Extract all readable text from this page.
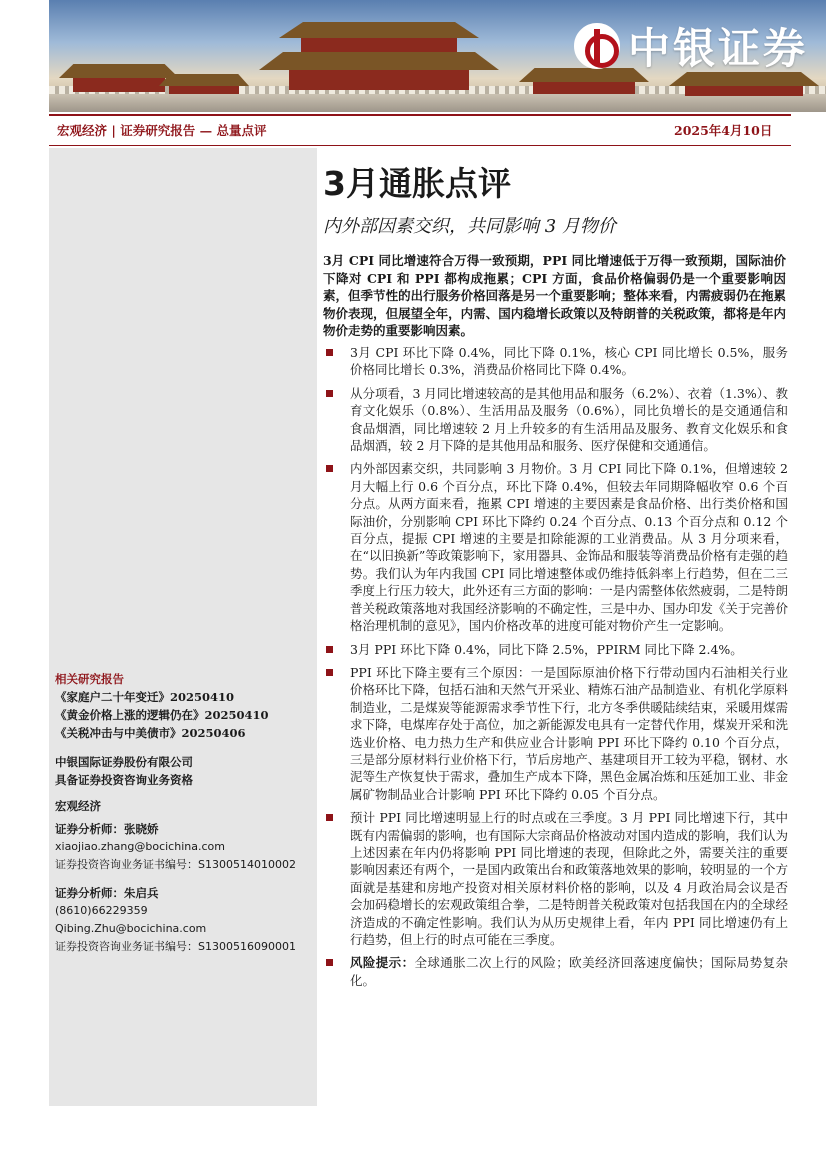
中银证券
宏观经济 | 证券研究报告 — 总量点评	2025年4月10日
相关研究报告
《家庭户二十年变迁》20250410
《黄金价格上涨的逻辑仍在》20250410
《关税冲击与中美债市》20250406
中银国际证券股份有限公司
具备证券投资咨询业务资格
宏观经济
证券分析师：张晓娇
xiaojiao.zhang@bocichina.com
证券投资咨询业务证书编号：S1300514010002
证券分析师：朱启兵
(8610)66229359
Qibing.Zhu@bocichina.com
证券投资咨询业务证书编号：S1300516090001
3月通胀点评
内外部因素交织，共同影响 3 月物价
3月 CPI 同比增速符合万得一致预期，PPI 同比增速低于万得一致预期，国际油价下降对 CPI 和 PPI 都构成拖累；CPI 方面，食品价格偏弱仍是一个重要影响因素，但季节性的出行服务价格回落是另一个重要影响；整体来看，内需疲弱仍在拖累物价表现，但展望全年，内需、国内稳增长政策以及特朗普的关税政策，都将是年内物价走势的重要影响因素。
3月 CPI 环比下降 0.4%，同比下降 0.1%，核心 CPI 同比增长 0.5%，服务价格同比增长 0.3%，消费品价格同比下降 0.4%。
从分项看，3 月同比增速较高的是其他用品和服务（6.2%）、衣着（1.3%）、教育文化娱乐（0.8%）、生活用品及服务（0.6%），同比负增长的是交通通信和食品烟酒，同比增速较 2 月上升较多的有生活用品及服务、教育文化娱乐和食品烟酒，较 2 月下降的是其他用品和服务、医疗保健和交通通信。
内外部因素交织，共同影响 3 月物价。3 月 CPI 同比下降 0.1%，但增速较 2 月大幅上行 0.6 个百分点，环比下降 0.4%，但较去年同期降幅收窄 0.6 个百分点。从两方面来看，拖累 CPI 增速的主要因素是食品价格、出行类价格和国际油价，分别影响 CPI 环比下降约 0.24 个百分点、0.13 个百分点和 0.12 个百分点，提振 CPI 增速的主要是扣除能源的工业消费品。从 3 月分项来看，在“以旧换新”等政策影响下，家用器具、金饰品和服装等消费品价格有走强的趋势。我们认为年内我国 CPI 同比增速整体或仍维持低斜率上行趋势，但在二三季度上行压力较大，此外还有三方面的影响：一是内需整体依然疲弱，二是特朗普关税政策落地对我国经济影响的不确定性，三是中办、国办印发《关于完善价格治理机制的意见》，国内价格改革的进度可能对物价产生一定影响。
3月 PPI 环比下降 0.4%，同比下降 2.5%，PPIRM 同比下降 2.4%。
PPI 环比下降主要有三个原因：一是国际原油价格下行带动国内石油相关行业价格环比下降，包括石油和天然气开采业、精炼石油产品制造业、有机化学原料制造业，二是煤炭等能源需求季节性下行，北方冬季供暖陆续结束，采暖用煤需求下降，电煤库存处于高位，加之新能源发电具有一定替代作用，煤炭开采和洗选业价格、电力热力生产和供应业合计影响 PPI 环比下降约 0.10 个百分点，三是部分原材料行业价格下行，节后房地产、基建项目开工较为平稳，钢材、水泥等生产恢复快于需求，叠加生产成本下降，黑色金属冶炼和压延加工业、非金属矿物制品业合计影响 PPI 环比下降约 0.05 个百分点。
预计 PPI 同比增速明显上行的时点或在三季度。3 月 PPI 同比增速下行，其中既有内需偏弱的影响，也有国际大宗商品价格波动对国内造成的影响，我们认为上述因素在年内仍将影响 PPI 同比增速的表现，但除此之外，需要关注的重要影响因素还有两个，一是国内政策出台和政策落地效果的影响，较明显的一个方面就是基建和房地产投资对相关原材料价格的影响，以及 4 月政治局会议是否会加码稳增长的宏观政策组合拳，二是特朗普关税政策对包括我国在内的全球经济造成的不确定性影响。我们认为从历史规律上看，年内 PPI 同比增速仍有上行趋势，但上行的时点可能在三季度。
风险提示：全球通胀二次上行的风险；欧美经济回落速度偏快；国际局势复杂化。
